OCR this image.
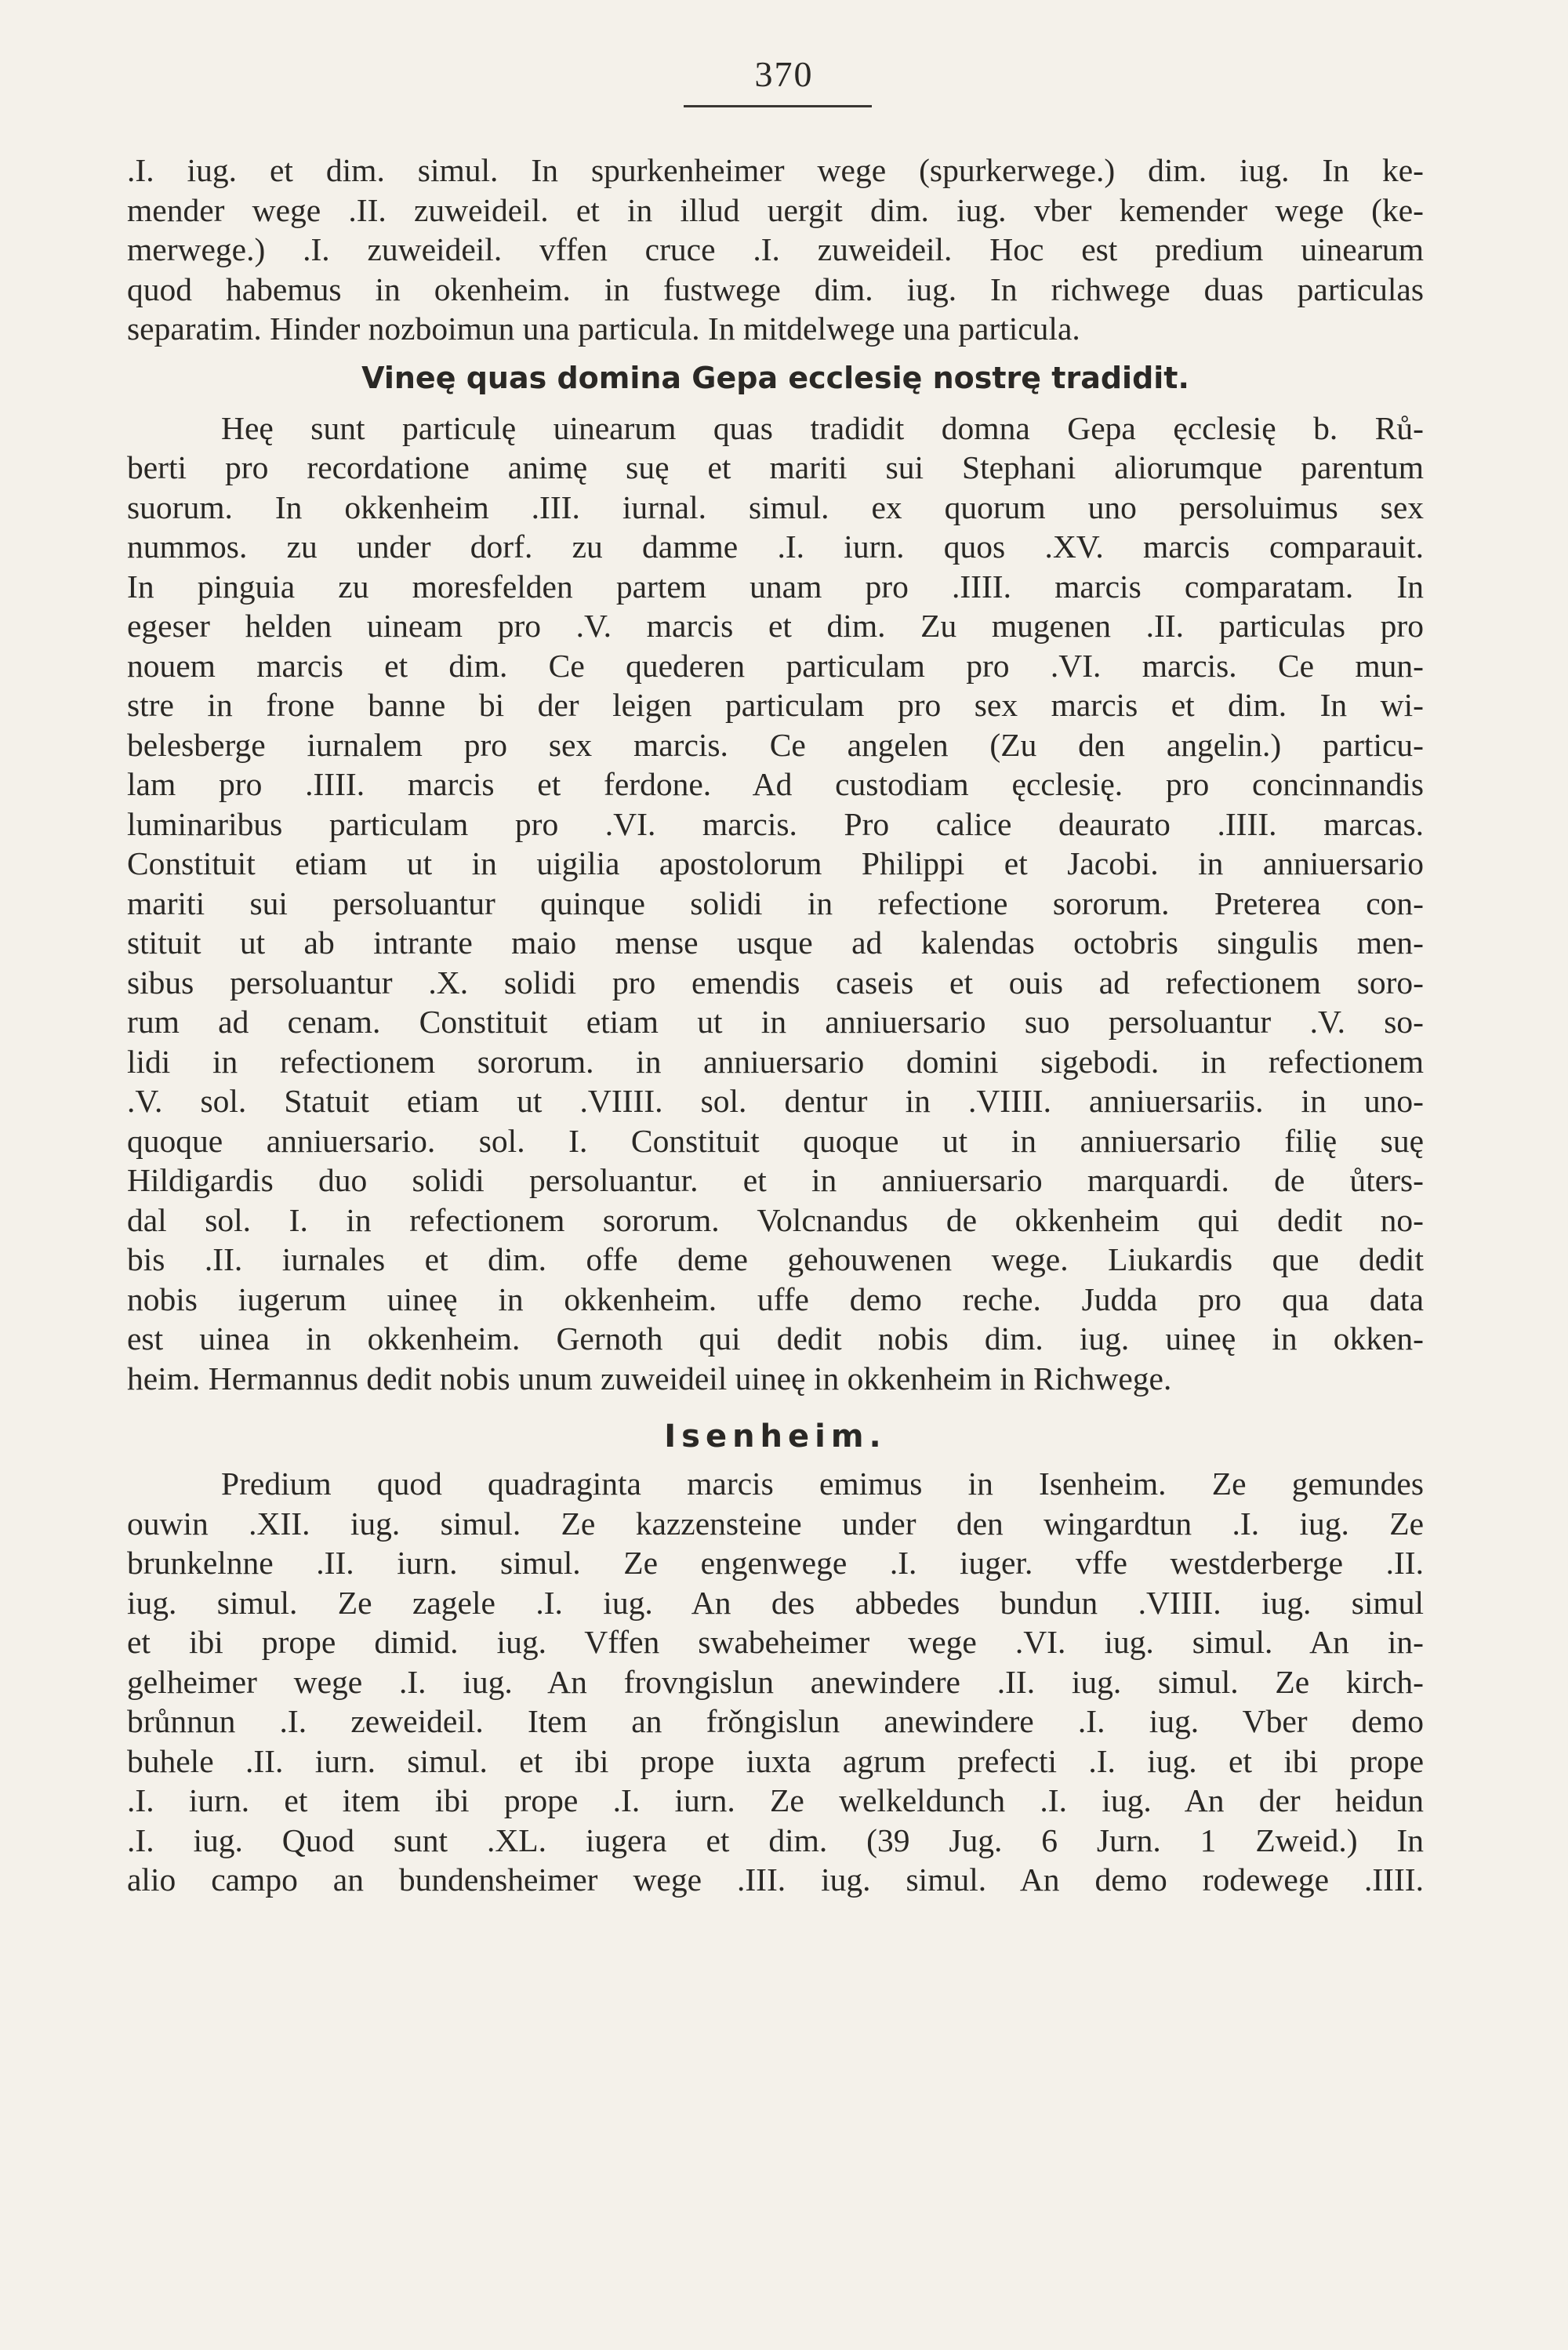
370

.I. iug. et dim. simul. In spurkenheimer wege (spurkerwege.) dim. iug. In ke-

mender wege .II. zuweideil. et in illud uergit dim. iug. vber kemender wege (ke-

merwege.) .I. zuweideil. vffen cruce .I. zuweideil. Hoc est predium uinearum

quod habemus in okenheim. in fustwege dim. iug. In richwege duas particulas

separatim. Hinder nozboimun una particula. In mitdelwege una particula.

Vineę quas domina Gepa ecclesię nostrę tradidit.

Heę sunt particulę uinearum quas tradidit domna Gepa ęcclesię b. Rů-

berti pro recordatione animę suę et mariti sui Stephani aliorumque parentum

suorum. In okkenheim .III. iurnal. simul. ex quorum uno persoluimus sex

nummos. zu under dorf. zu damme .I. iurn. quos .XV. marcis comparauit.

In pinguia zu moresfelden partem unam pro .IIII. marcis comparatam. In

egeser helden uineam pro .V. marcis et dim. Zu mugenen .II. particulas pro

nouem marcis et dim. Ce quederen particulam pro .VI. marcis. Ce mun-

stre in frone banne bi der leigen particulam pro sex marcis et dim. In wi-

belesberge iurnalem pro sex marcis. Ce angelen (Zu den angelin.) particu-

lam pro .IIII. marcis et ferdone. Ad custodiam ęcclesię. pro concinnandis

luminaribus particulam pro .VI. marcis. Pro calice deaurato .IIII. marcas.

Constituit etiam ut in uigilia apostolorum Philippi et Jacobi. in anniuersario

mariti sui persoluantur quinque solidi in refectione sororum. Preterea con-

stituit ut ab intrante maio mense usque ad kalendas octobris singulis men-

sibus persoluantur .X. solidi pro emendis caseis et ouis ad refectionem soro-

rum ad cenam. Constituit etiam ut in anniuersario suo persoluantur .V. so-

lidi in refectionem sororum. in anniuersario domini sigebodi. in refectionem

.V. sol. Statuit etiam ut .VIIII. sol. dentur in .VIIII. anniuersariis. in uno-

quoque anniuersario. sol. I. Constituit quoque ut in anniuersario filię suę

Hildigardis duo solidi persoluantur. et in anniuersario marquardi. de ůters-

dal sol. I. in refectionem sororum. Volcnandus de okkenheim qui dedit no-

bis .II. iurnales et dim. offe deme gehouwenen wege. Liukardis que dedit

nobis iugerum uineę in okkenheim. uffe demo reche. Judda pro qua data

est uinea in okkenheim. Gernoth qui dedit nobis dim. iug. uineę in okken-

heim. Hermannus dedit nobis unum zuweideil uineę in okkenheim in Richwege.

Isenheim.

Predium quod quadraginta marcis emimus in Isenheim. Ze gemundes

ouwin .XII. iug. simul. Ze kazzensteine under den wingardtun .I. iug. Ze

brunkelnne .II. iurn. simul. Ze engenwege .I. iuger. vffe westderberge .II.

iug. simul. Ze zagele .I. iug. An des abbedes bundun .VIIII. iug. simul

et ibi prope dimid. iug. Vffen swabeheimer wege .VI. iug. simul. An in-

gelheimer wege .I. iug. An frovngislun anewindere .II. iug. simul. Ze kirch-

brůnnun .I. zeweideil. Item an frǒngislun anewindere .I. iug. Vber demo

buhele .II. iurn. simul. et ibi prope iuxta agrum prefecti .I. iug. et ibi prope

.I. iurn. et item ibi prope .I. iurn. Ze welkeldunch .I. iug. An der heidun

.I. iug. Quod sunt .XL. iugera et dim. (39 Jug. 6 Jurn. 1 Zweid.) In

alio campo an bundensheimer wege .III. iug. simul. An demo rodewege .IIII.
